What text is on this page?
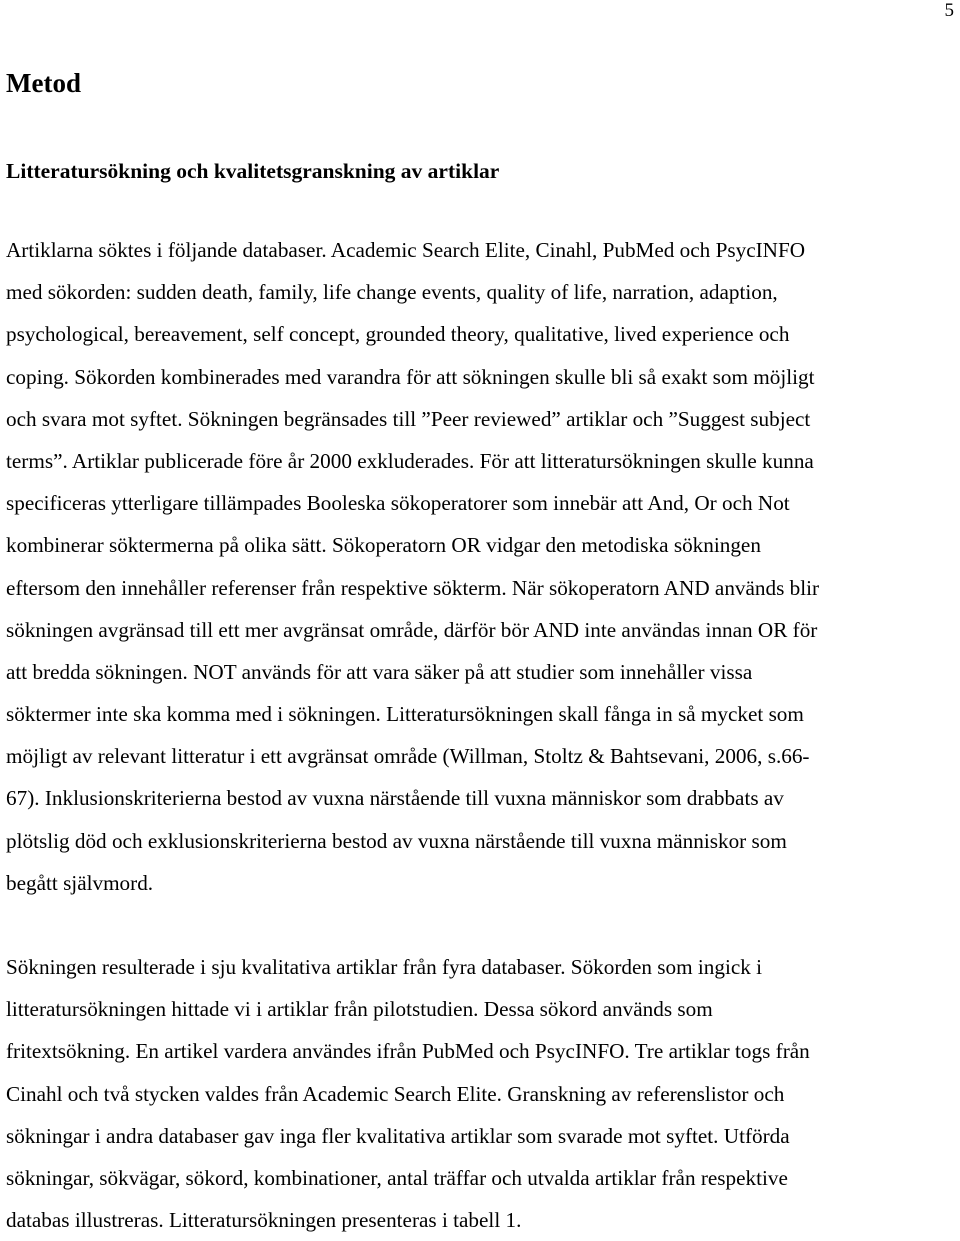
5
Metod
Litteratursökning och kvalitetsgranskning av artiklar

Artiklarna söktes i följande databaser. Academic Search Elite, Cinahl, PubMed och PsycINFO
med sökorden: sudden death, family, life change events, quality of life, narration, adaption,
psychological, bereavement, self concept, grounded theory, qualitative, lived experience och
coping. Sökorden kombinerades med varandra för att sökningen skulle bli så exakt som möjligt
och svara mot syftet. Sökningen begränsades till ”Peer reviewed” artiklar och ”Suggest subject
terms”. Artiklar publicerade före år 2000 exkluderades. För att litteratursökningen skulle kunna
specificeras ytterligare tillämpades Booleska sökoperatorer som innebär att And, Or och Not
kombinerar söktermerna på olika sätt. Sökoperatorn OR vidgar den metodiska sökningen
eftersom den innehåller referenser från respektive sökterm. När sökoperatorn AND används blir
sökningen avgränsad till ett mer avgränsat område, därför bör AND inte användas innan OR för
att bredda sökningen. NOT används för att vara säker på att studier som innehåller vissa
söktermer inte ska komma med i sökningen. Litteratursökningen skall fånga in så mycket som
möjligt av relevant litteratur i ett avgränsat område (Willman, Stoltz & Bahtsevani, 2006, s.66-
67). Inklusionskriterierna bestod av vuxna närstående till vuxna människor som drabbats av
plötslig död och exklusionskriterierna bestod av vuxna närstående till vuxna människor som
begått självmord.

Sökningen resulterade i sju kvalitativa artiklar från fyra databaser. Sökorden som ingick i
litteratursökningen hittade vi i artiklar från pilotstudien. Dessa sökord används som
fritextsökning. En artikel vardera användes ifrån PubMed och PsycINFO. Tre artiklar togs från
Cinahl och två stycken valdes från Academic Search Elite. Granskning av referenslistor och
sökningar i andra databaser gav inga fler kvalitativa artiklar som svarade mot syftet. Utförda
sökningar, sökvägar, sökord, kombinationer, antal träffar och utvalda artiklar från respektive
databas illustreras. Litteratursökningen presenteras i tabell 1.
